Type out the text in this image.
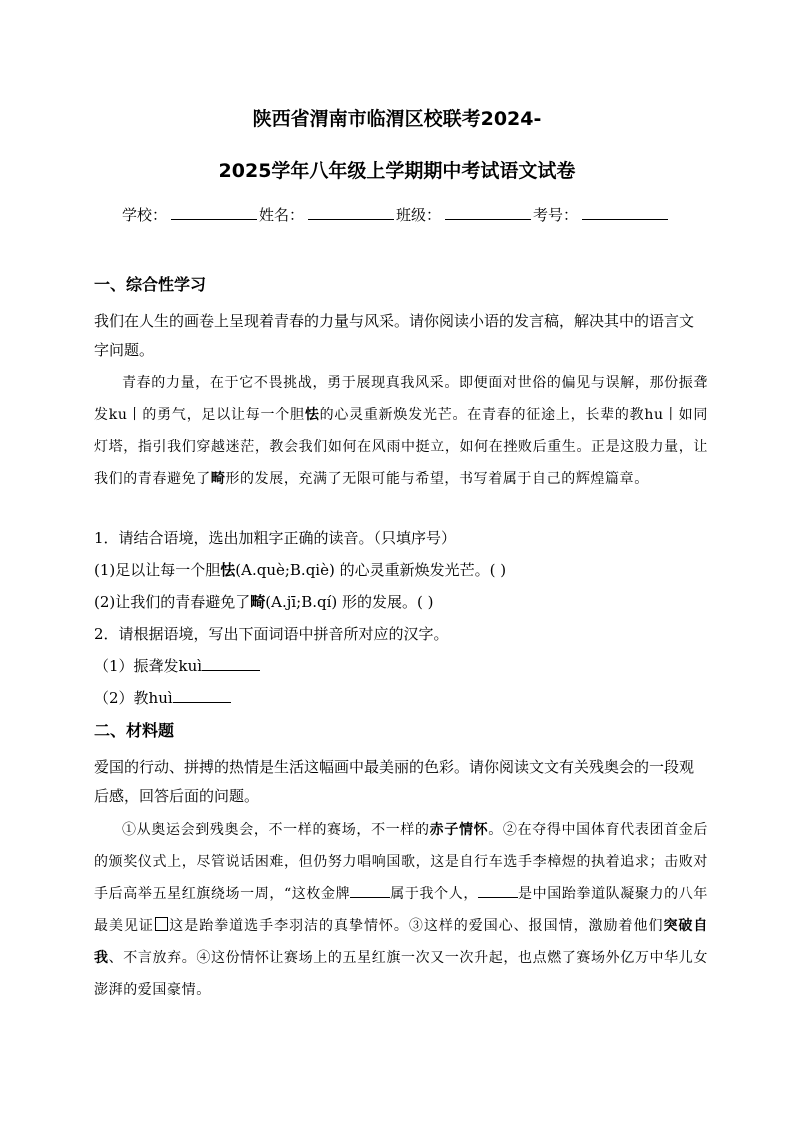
陕西省渭南市临渭区校联考2024-
2025学年八年级上学期期中考试语文试卷
学校：	姓名：	班级：	考号：
一、综合性学习
我们在人生的画卷上呈现着青春的力量与风采。请你阅读小语的发言稿，解决其中的语言文字问题。
青春的力量，在于它不畏挑战，勇于展现真我风采。即便面对世俗的偏见与误解，那份振聋发ku丨的勇气，足以让每一个胆怯的心灵重新焕发光芒。在青春的征途上，长辈的教hu丨如同灯塔，指引我们穿越迷茫，教会我们如何在风雨中挺立，如何在挫败后重生。正是这股力量，让我们的青春避免了畸形的发展，充满了无限可能与希望，书写着属于自己的辉煌篇章。
1．请结合语境，选出加粗字正确的读音。（只填序号）
(1)足以让每一个胆怯(A.què;B.qiè) 的心灵重新焕发光芒。( )
(2)让我们的青春避免了畸(A.jī;B.qí) 形的发展。( )
2．请根据语境，写出下面词语中拼音所对应的汉字。
（1）振聋发kuì
（2）教huì
二、材料题
爱国的行动、拼搏的热情是生活这幅画中最美丽的色彩。请你阅读文文有关残奥会的一段观后感，回答后面的问题。
①从奥运会到残奥会，不一样的赛场，不一样的赤子情怀。②在夺得中国体育代表团首金后的颁奖仪式上，尽管说话困难，但仍努力唱响国歌，这是自行车选手李樟煜的执着追求；击败对手后高举五星红旗绕场一周，“这枚金牌	属于我个人，	是中国跆拳道队凝聚力的八年最美见证 这是跆拳道选手李羽洁的真挚情怀。③这样的爱国心、报国情，激励着他们突破自我、不言放弃。④这份情怀让赛场上的五星红旗一次又一次升起，也点燃了赛场外亿万中华儿女澎湃的爱国豪情。
